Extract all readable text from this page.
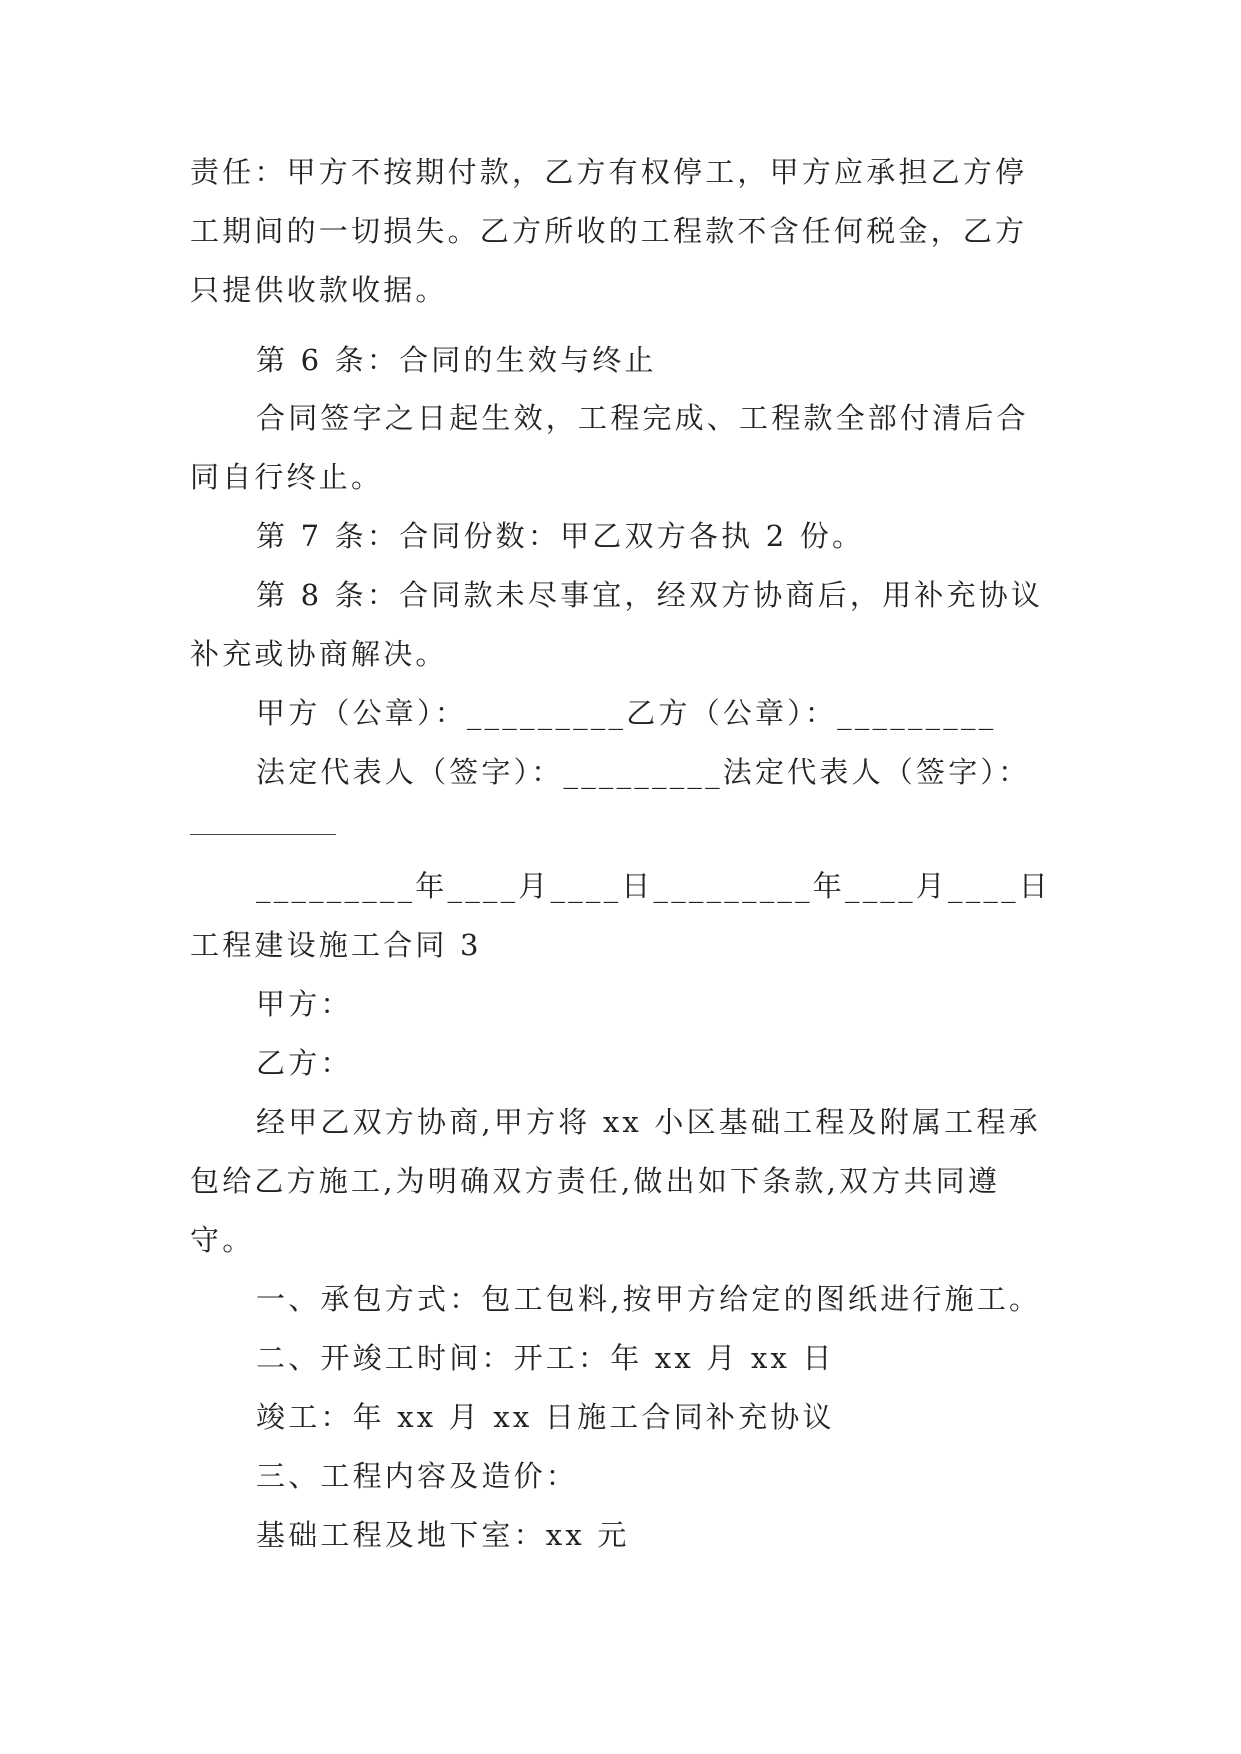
责任：甲方不按期付款，乙方有权停工，甲方应承担乙方停
工期间的一切损失。乙方所收的工程款不含任何税金，乙方
只提供收款收据。
第 6 条：合同的生效与终止
合同签字之日起生效，工程完成、工程款全部付清后合
同自行终止。
第 7 条：合同份数：甲乙双方各执 2 份。
第 8 条：合同款未尽事宜，经双方协商后，用补充协议
补充或协商解决。
甲方（公章）：_________乙方（公章）：_________
法定代表人（签字）：_________法定代表人（签字）：
_________年____月____日_________年____月____日
工程建设施工合同 3
甲方：
乙方：
经甲乙双方协商,甲方将 xx 小区基础工程及附属工程承
包给乙方施工,为明确双方责任,做出如下条款,双方共同遵
守。
一、承包方式：包工包料,按甲方给定的图纸进行施工。
二、开竣工时间：开工：年 xx 月 xx 日
竣工：年 xx 月 xx 日施工合同补充协议
三、工程内容及造价：
基础工程及地下室：xx 元
